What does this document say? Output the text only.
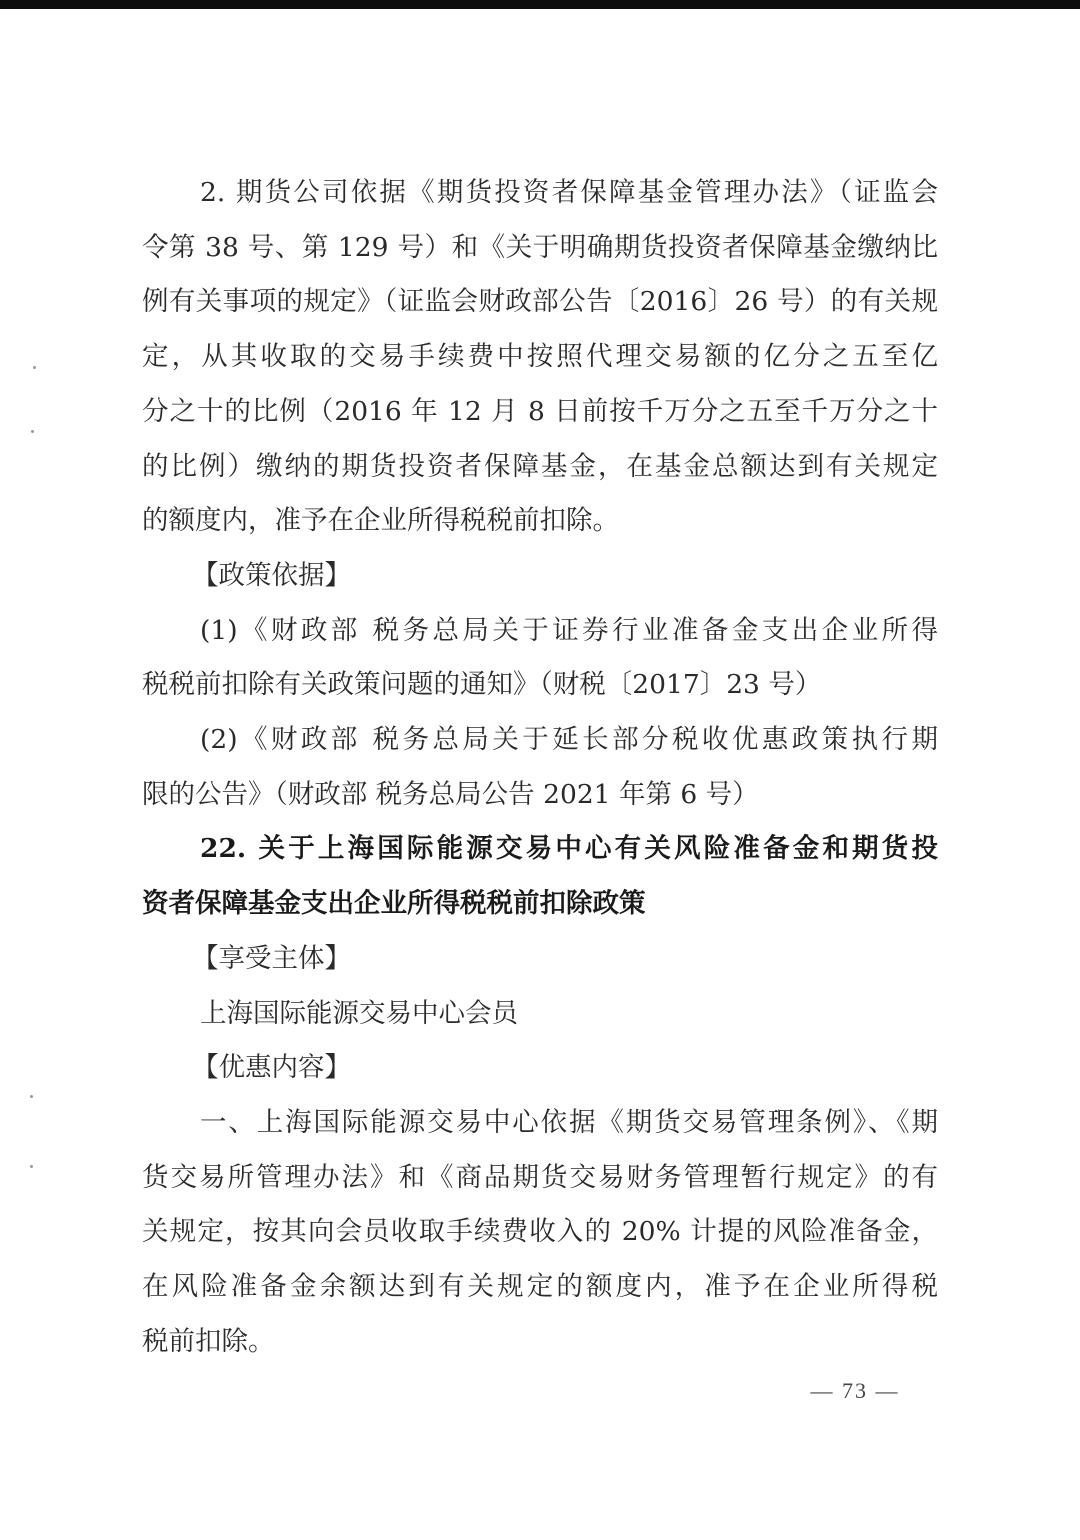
2. 期货公司依据《期货投资者保障基金管理办法》（证监会

令第 38 号、第 129 号）和《关于明确期货投资者保障基金缴纳比

例有关事项的规定》（证监会财政部公告〔2016〕26 号）的有关规

定，从其收取的交易手续费中按照代理交易额的亿分之五至亿

分之十的比例（2016 年 12 月 8 日前按千万分之五至千万分之十

的比例）缴纳的期货投资者保障基金，在基金总额达到有关规定

的额度内，准予在企业所得税税前扣除。

【政策依据】

(1)《财政部 税务总局关于证券行业准备金支出企业所得

税税前扣除有关政策问题的通知》（财税〔2017〕23 号）

(2)《财政部 税务总局关于延长部分税收优惠政策执行期

限的公告》（财政部 税务总局公告 2021 年第 6 号）

22. 关于上海国际能源交易中心有关风险准备金和期货投

资者保障基金支出企业所得税税前扣除政策

【享受主体】

上海国际能源交易中心会员

【优惠内容】

一、上海国际能源交易中心依据《期货交易管理条例》、《期

货交易所管理办法》和《商品期货交易财务管理暂行规定》的有

关规定，按其向会员收取手续费收入的 20% 计提的风险准备金，

在风险准备金余额达到有关规定的额度内，准予在企业所得税

税前扣除。

— 73 —
